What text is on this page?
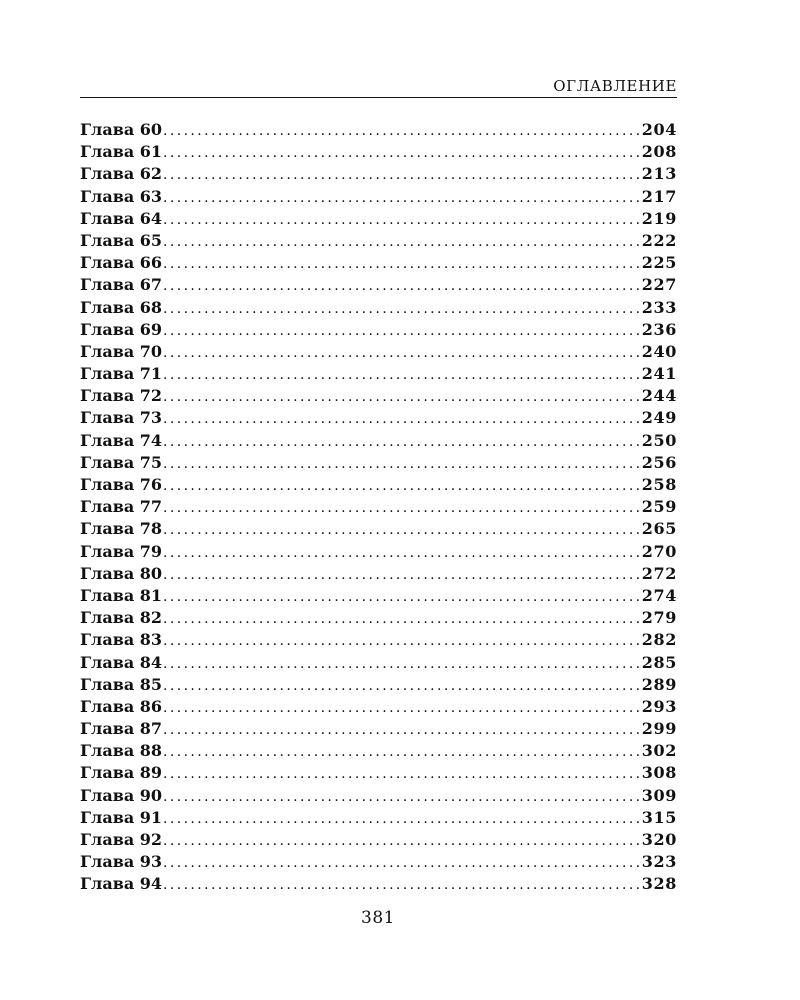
ОГЛАВЛЕНИЕ
Глава 60 .....	204
Глава 61 .....	208
Глава 62 .....	213
Глава 63 .....	217
Глава 64 .....	219
Глава 65 .....	222
Глава 66 .....	225
Глава 67 .....	227
Глава 68 .....	233
Глава 69 .....	236
Глава 70 .....	240
Глава 71 .....	241
Глава 72 .....	244
Глава 73 .....	249
Глава 74 .....	250
Глава 75 .....	256
Глава 76 .....	258
Глава 77 .....	259
Глава 78 .....	265
Глава 79 .....	270
Глава 80 .....	272
Глава 81 .....	274
Глава 82 .....	279
Глава 83 .....	282
Глава 84 .....	285
Глава 85 .....	289
Глава 86 .....	293
Глава 87 .....	299
Глава 88 .....	302
Глава 89 .....	308
Глава 90 .....	309
Глава 91 .....	315
Глава 92 .....	320
Глава 93 .....	323
Глава 94 .....	328
381
